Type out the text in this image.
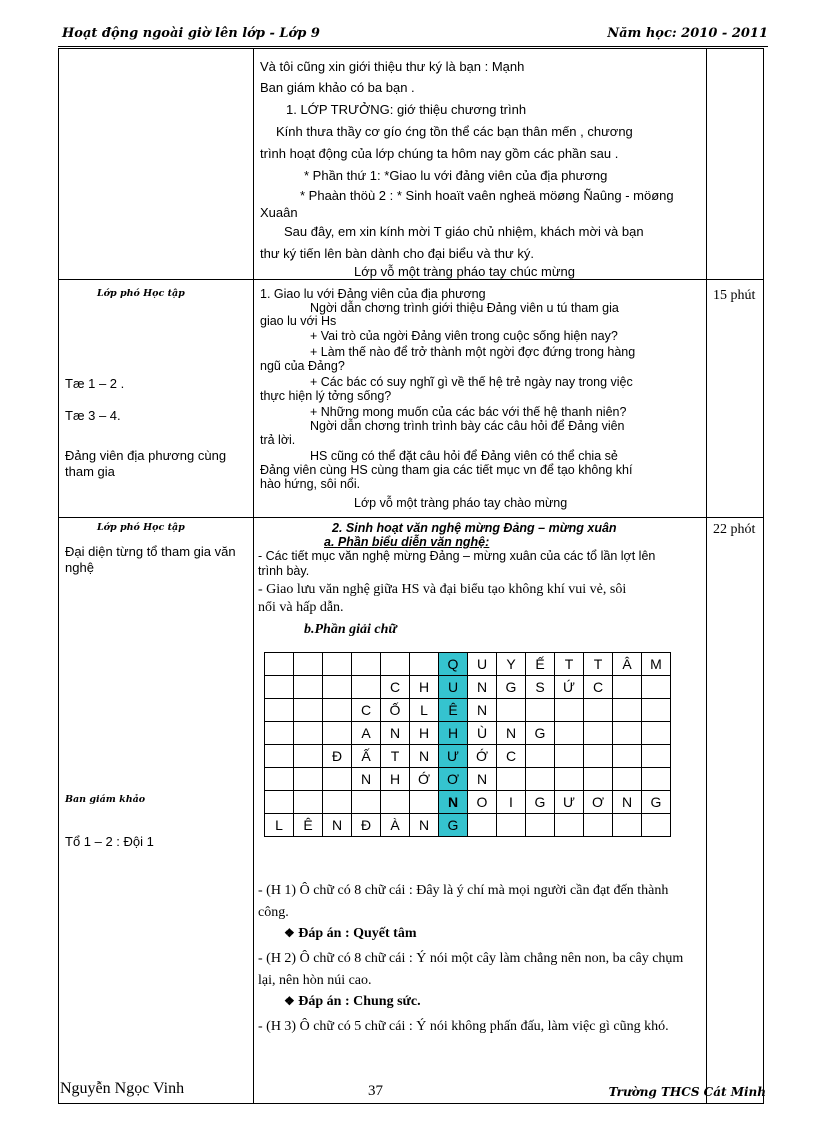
Hoạt động ngoài giờ lên lớp - Lớp 9	Năm học: 2010 - 2011

Và tôi cũng xin giới thiệu thư ký là bạn : Mạnh
Ban giám khảo có ba bạn .
1. LỚP TRƯỞNG: giớ thiệu chương trình
Kính thưa thầy cơ gío ćng tồn thể các bạn thân mến , chương
trình hoạt động của lớp chúng ta hôm nay gồm các phần sau .
* Phần thứ 1: *Giao lu với đảng viên của địa phương
* Phaàn thöù 2 : * Sinh hoaït vaên ngheä möøng Ñaûng - möøng
Xuaân
Sau đây, em xin kính mời T giáo chủ nhiệm, khách mời và bạn
thư ký tiến lên bàn dành cho đại biểu và thư ký.
Lớp vỗ một tràng pháo tay chúc mừng

Lớp phó Học tập
Tæ 1 – 2 .
Tæ 3 – 4.
Đảng viên địa phương cùng tham gia

1. Giao lu với Đảng viên của địa phương
Ngời dẫn chơng trình giới thiệu Đảng viên u tú tham gia
giao lu với Hs
+ Vai trò của ngời Đảng viên trong cuộc sống hiện nay?
+ Làm thế nào để trở thành một ngời đợc đứng trong hàng
ngũ của Đảng?
+ Các bác có suy nghĩ gì về thế hệ trẻ ngày nay trong việc
thực hiện lý tởng sống?
+ Những mong muốn của các bác với thế hệ thanh niên?
Ngời dẫn chơng trình trình bày các câu hỏi để Đảng viên
trả lời.
HS cũng có thể đặt câu hỏi để Đảng viên có thể chia sẻ
Đảng viên cùng HS cùng tham gia các tiết mục vn để tạo không khí
hào hứng, sôi nổi.
Lớp vỗ một tràng pháo tay chào mừng

15 phút

Lớp phó Học tập
Đại diện từng tổ tham gia văn nghệ
Ban giám khảo
Tổ 1 – 2 : Đội 1

2. Sinh hoạt văn nghệ mừng Đảng – mừng xuân
a. Phần biểu diễn văn nghệ:
- Các tiết mục văn nghệ mừng Đảng – mừng xuân của các tổ lần lợt lên
trình bày.
- Giao lưu văn nghệ giữa HS và đại biểu tạo không khí vui vẻ, sôi
nổi và hấp dẫn.
b.Phần giải chữ
						Q	U	Y	Ế	T	T	Â	M
				C	H	U	N	G	S	Ứ	C		
			C	Ố	L	Ê	N						
			A	N	H	H	Ù	N	G				
		Đ	Ấ	T	N	Ư	Ớ	C					
			N	H	Ớ	Ơ	N						
						N	O	I	G	Ư	Ơ	N	G
L	Ê	N	Đ	À	N	G							
- (H 1) Ô chữ có 8 chữ cái : Đây là ý chí mà mọi người cần đạt đến thành công.
❖ Đáp án : Quyết tâm
- (H 2) Ô chữ có 8 chữ cái : Ý nói một cây làm chẳng nên non, ba cây chụm lại, nên hòn núi cao.
❖ Đáp án : Chung sức.
- (H 3) Ô chữ có 5 chữ cái : Ý nói không phấn đấu, làm việc gì cũng khó.

22 phót
Nguyễn Ngọc Vinh	37	Trường THCS Cát Minh
